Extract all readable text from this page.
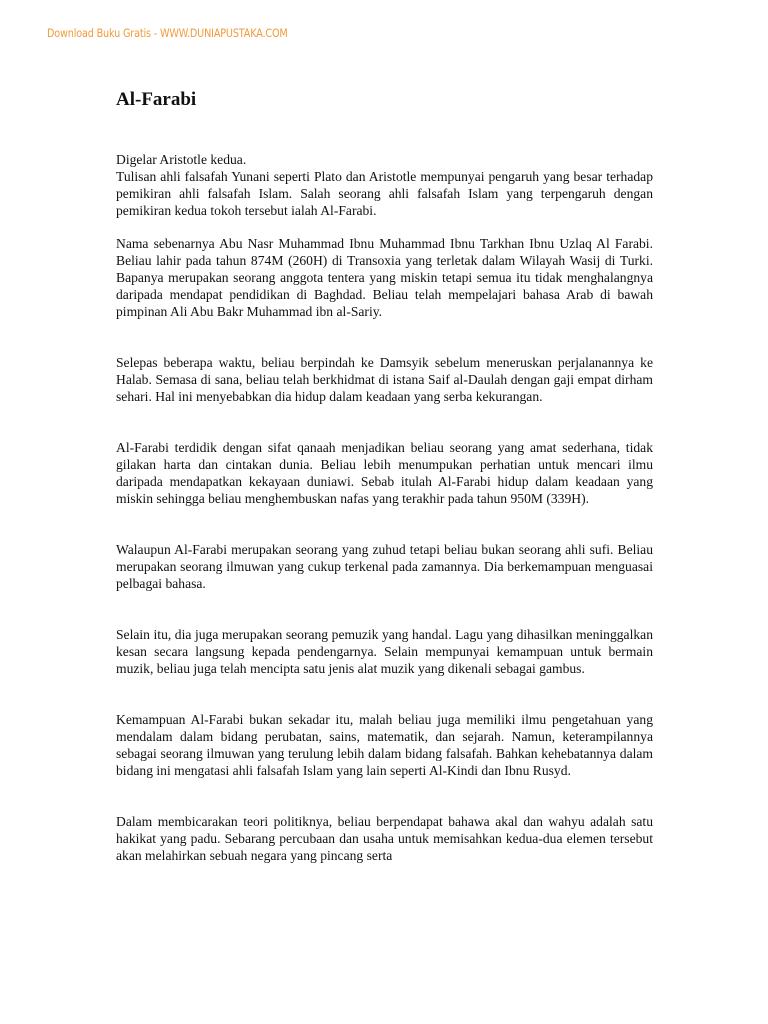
Download Buku Gratis - WWW.DUNIAPUSTAKA.COM
Al-Farabi

Digelar Aristotle kedua.

Tulisan ahli falsafah Yunani seperti Plato dan Aristotle mempunyai pengaruh yang besar terhadap pemikiran ahli falsafah Islam. Salah seorang ahli falsafah Islam yang terpengaruh dengan pemikiran kedua tokoh tersebut ialah Al-Farabi.

Nama sebenarnya Abu Nasr Muhammad Ibnu Muhammad Ibnu Tarkhan Ibnu Uzlaq Al Farabi. Beliau lahir pada tahun 874M (260H) di Transoxia yang terletak dalam Wilayah Wasij di Turki. Bapanya merupakan seorang anggota tentera yang miskin tetapi semua itu tidak menghalangnya daripada mendapat pendidikan di Baghdad. Beliau telah mempelajari bahasa Arab di bawah pimpinan Ali Abu Bakr Muhammad ibn al-Sariy.

Selepas beberapa waktu, beliau berpindah ke Damsyik sebelum meneruskan perjalanannya ke Halab. Semasa di sana, beliau telah berkhidmat di istana Saif al-Daulah dengan gaji empat dirham sehari. Hal ini menyebabkan dia hidup dalam keadaan yang serba kekurangan.

Al-Farabi terdidik dengan sifat qanaah menjadikan beliau seorang yang amat sederhana, tidak gilakan harta dan cintakan dunia. Beliau lebih menumpukan perhatian untuk mencari ilmu daripada mendapatkan kekayaan duniawi. Sebab itulah Al-Farabi hidup dalam keadaan yang miskin sehingga beliau menghembuskan nafas yang terakhir pada tahun 950M (339H).

Walaupun Al-Farabi merupakan seorang yang zuhud tetapi beliau bukan seorang ahli sufi. Beliau merupakan seorang ilmuwan yang cukup terkenal pada zamannya. Dia berkemampuan menguasai pelbagai bahasa.

Selain itu, dia juga merupakan seorang pemuzik yang handal. Lagu yang dihasilkan meninggalkan kesan secara langsung kepada pendengarnya. Selain mempunyai kemampuan untuk bermain muzik, beliau juga telah mencipta satu jenis alat muzik yang dikenali sebagai gambus.

Kemampuan Al-Farabi bukan sekadar itu, malah beliau juga memiliki ilmu pengetahuan yang mendalam dalam bidang perubatan, sains, matematik, dan sejarah. Namun, keterampilannya sebagai seorang ilmuwan yang terulung lebih dalam bidang falsafah. Bahkan kehebatannya dalam bidang ini mengatasi ahli falsafah Islam yang lain seperti Al-Kindi dan Ibnu Rusyd.

Dalam membicarakan teori politiknya, beliau berpendapat bahawa akal dan wahyu adalah satu hakikat yang padu. Sebarang percubaan dan usaha untuk memisahkan kedua-dua elemen tersebut akan melahirkan sebuah negara yang pincang serta
